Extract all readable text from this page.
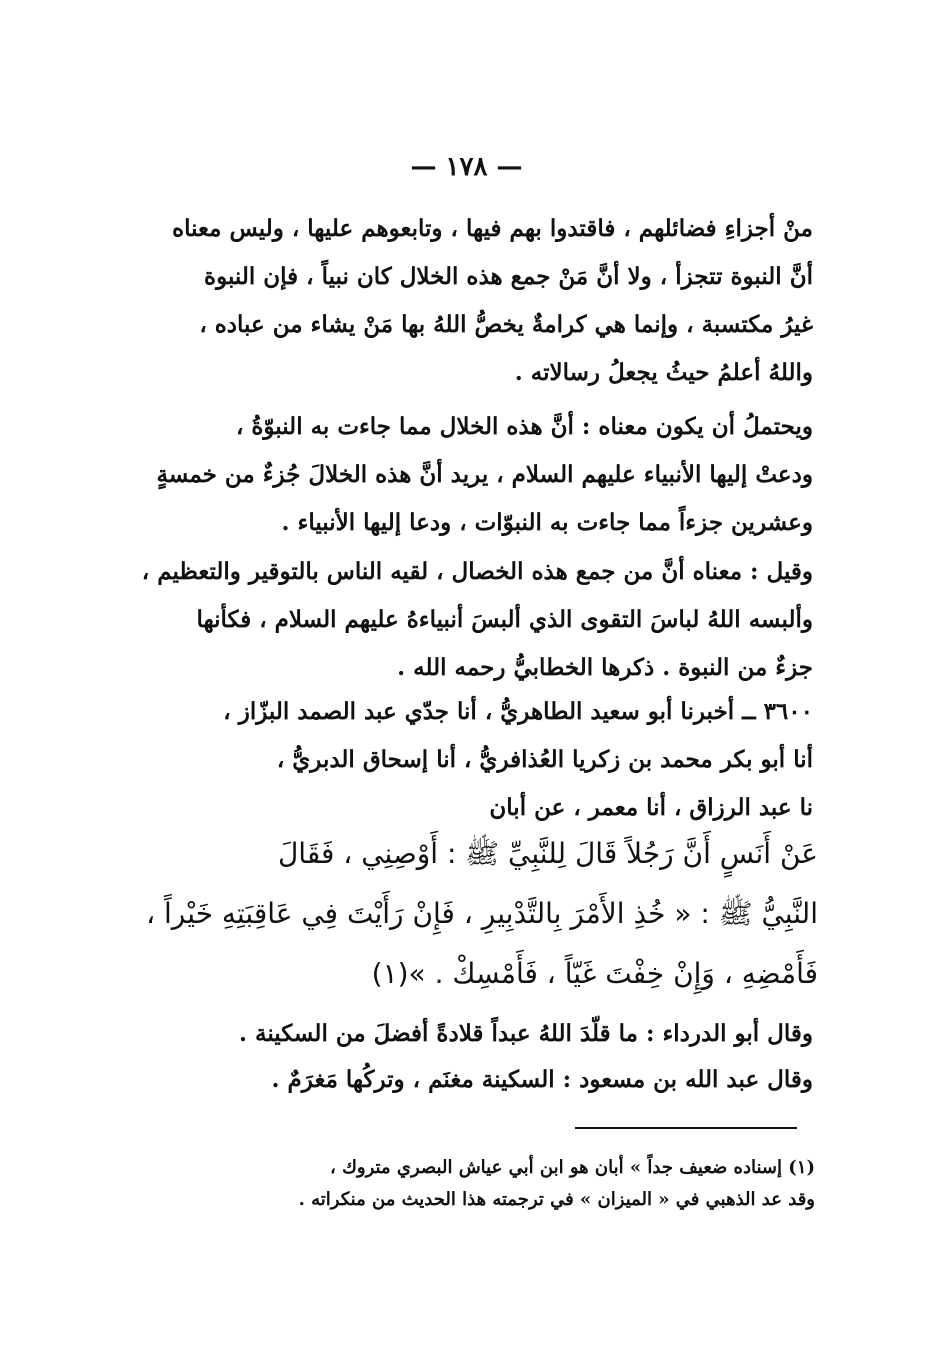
— ١٧٨ —

منْ أجزاءِ فضائلهم ، فاقتدوا بهم فيها ، وتابعوهم عليها ، وليس معناه
أنَّ النبوة تتجزأ ، ولا أنَّ مَنْ جمع هذه الخلال كان نبياً ، فإن النبوة
غيرُ مكتسبة ، وإنما هي كرامةٌ يخصُّ اللهُ بها مَنْ يشاء من عباده ،
واللهُ أعلمُ حيثُ يجعلُ رسالاته .

ويحتملُ أن يكون معناه : أنَّ هذه الخلال مما جاءت به النبوّةُ ،
ودعتْ إليها الأنبياء عليهم السلام ، يريد أنَّ هذه الخلالَ جُزءٌ من خمسةٍ
وعشرين جزءاً مما جاءت به النبوّات ، ودعا إليها الأنبياء .

وقيل : معناه أنَّ من جمع هذه الخصال ، لقيه الناس بالتوقير والتعظيم ،
وألبسه اللهُ لباسَ التقوى الذي ألبسَ أنبياءهُ عليهم السلام ، فكأنها
جزءٌ من النبوة . ذكرها الخطابيُّ رحمه الله .

٣٦٠٠ ــ أخبرنا أبو سعيد الطاهريُّ ، أنا جدّي عبد الصمد البزّاز ،
أنا أبو بكر محمد بن زكريا العُذافريُّ ، أنا إسحاق الدبريُّ ،
نا عبد الرزاق ، أنا معمر ، عن أبان

عَنْ أَنَسٍ أَنَّ رَجُلاً قَالَ لِلنَّبِيِّ ﷺ : أَوْصِنِي ، فَقَالَ
النَّبِيُّ ﷺ : « خُذِ الأَمْرَ بِالتَّدْبِيرِ ، فَإِنْ رَأَيْتَ فِي عَاقِبَتِهِ خَيْراً ،
فَأَمْضِهِ ، وَإِنْ خِفْتَ غَيّاً ، فَأَمْسِكْ . »(١)

وقال أبو الدرداء : ما قلّدَ اللهُ عبداً قلادةً أفضلَ من السكينة .

وقال عبد الله بن مسعود : السكينة مغنَم ، وتركُها مَغرَمٌ .

(١) إسناده ضعيف جداً » أبان هو ابن أبي عياش البصري متروك ،
وقد عد الذهبي في « الميزان » في ترجمته هذا الحديث من منكراته .
